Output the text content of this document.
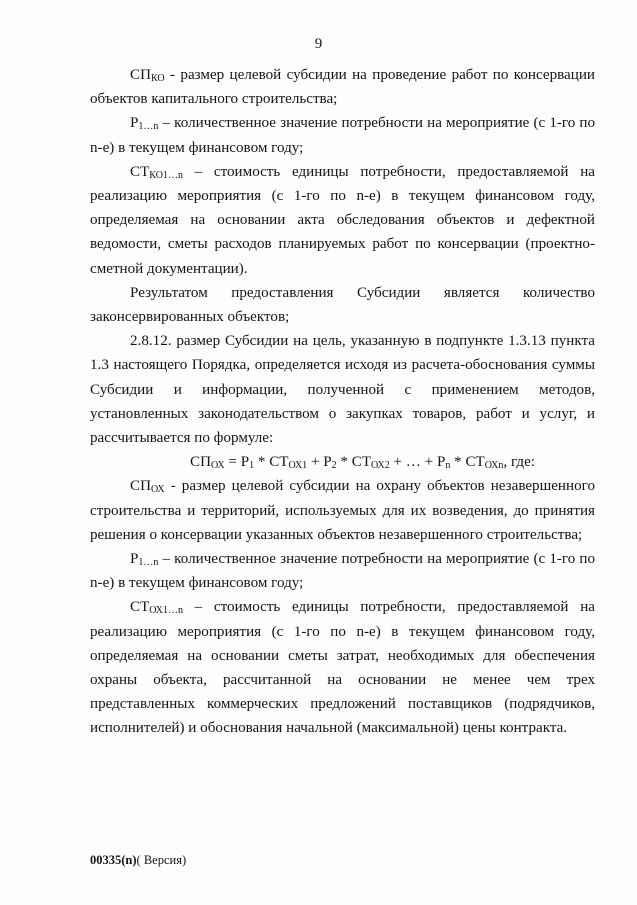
9

$СП_{КО}$ - размер целевой субсидии на проведение работ по консервации объектов капитального строительства;

$Р_{1\dots n}$ – количественное значение потребности на мероприятие (с 1-го по n-е) в текущем финансовом году;

$СТ_{КО1\dots n}$ – стоимость единицы потребности, предоставляемой на реализацию мероприятия (с 1-го по n-е) в текущем финансовом году, определяемая на основании акта обследования объектов и дефектной ведомости, сметы расходов планируемых работ по консервации (проектно-сметной документации).

Результатом предоставления Субсидии является количество законсервированных объектов;

2.8.12. размер Субсидии на цель, указанную в подпункте 1.3.13 пункта 1.3 настоящего Порядка, определяется исходя из расчета-обоснования суммы Субсидии и информации, полученной с применением методов, установленных законодательством о закупках товаров, работ и услуг, и рассчитывается по формуле:

$СП_{ОХ} = Р_1 * СТ_{ОХ1} + Р_2 * СТ_{ОХ2}$ + … + $Р_n * СТ_{ОХn}$, где:

$СП_{ОХ}$ - размер целевой субсидии на охрану объектов незавершенного строительства и территорий, используемых для их возведения, до принятия решения о консервации указанных объектов незавершенного строительства;

$Р_{1\dots n}$ – количественное значение потребности на мероприятие (с 1-го по n-е) в текущем финансовом году;

$СТ_{ОХ1\dots n}$ – стоимость единицы потребности, предоставляемой на реализацию мероприятия (с 1-го по n-е) в текущем финансовом году, определяемая на основании сметы затрат, необходимых для обеспечения охраны объекта, рассчитанной на основании не менее чем трех представленных коммерческих предложений поставщиков (подрядчиков, исполнителей) и обоснования начальной (максимальной) цены контракта.

00335(n)( Версия)
